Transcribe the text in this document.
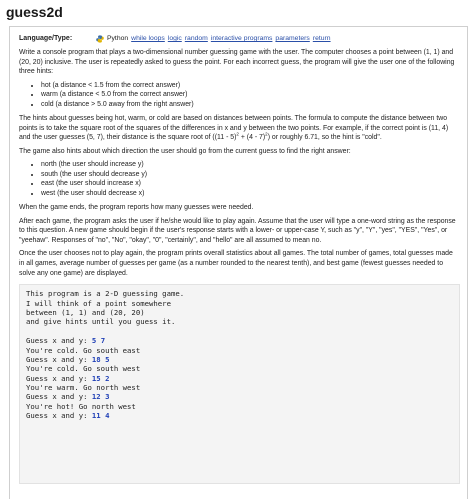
guess2d
Language/Type:	Python while loops logic random interactive programs parameters return

Write a console program that plays a two-dimensional number guessing game with the user. The computer chooses a point between (1, 1) and (20, 20) inclusive. The user is repeatedly asked to guess the point. For each incorrect guess, the program will give the user one of the following three hints:

• hot (a distance < 1.5 from the correct answer)
• warm (a distance < 5.0 from the correct answer)
• cold (a distance > 5.0 away from the right answer)

The hints about guesses being hot, warm, or cold are based on distances between points. The formula to compute the distance between two points is to take the square root of the squares of the differences in x and y between the two points. For example, if the correct point is (11, 4) and the user guesses (5, 7), their distance is the square root of ((11 - 5)$^2$ + (4 - 7)$^2$) or roughly 6.71, so the hint is "cold".

The game also hints about which direction the user should go from the current guess to find the right answer:

• north (the user should increase y)
• south (the user should decrease y)
• east (the user should increase x)
• west (the user should decrease x)

When the game ends, the program reports how many guesses were needed.

After each game, the program asks the user if he/she would like to play again. Assume that the user will type a one-word string as the response to this question. A new game should begin if the user's response starts with a lower- or upper-case Y, such as "y", "Y", "yes", "YES", "Yes", or "yeehaw". Responses of "no", "No", "okay", "0", "certainly", and "hello" are all assumed to mean no.

Once the user chooses not to play again, the program prints overall statistics about all games. The total number of games, total guesses made in all games, average number of guesses per game (as a number rounded to the nearest tenth), and best game (fewest guesses needed to solve any one game) are displayed.

This program is a 2-D guessing game.
I will think of a point somewhere
between (1, 1) and (20, 20)
and give hints until you guess it.
Guess x and y: 5 7
You're cold. Go south east
Guess x and y: 18 5
You're cold. Go south west
Guess x and y: 15 2
You're warm. Go north west
Guess x and y: 12 3
You're hot! Go north west
Guess x and y: 11 4
